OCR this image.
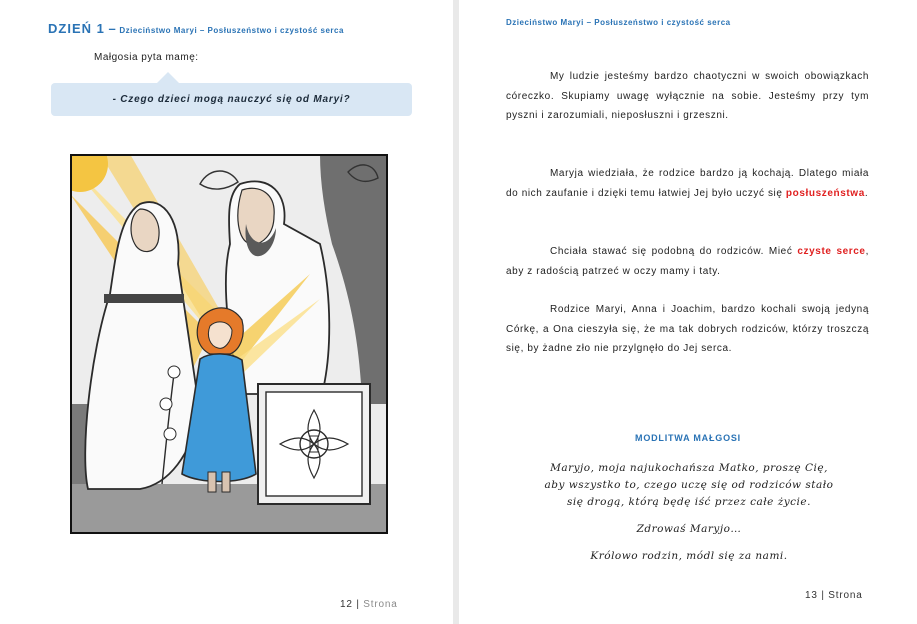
DZIEŃ 1 – Dzieciństwo Maryi – Posłuszeństwo i czystość serca
Małgosia pyta mamę:
- Czego dzieci mogą nauczyć się od Maryi?
12 | Strona
Dzieciństwo Maryi – Posłuszeństwo i czystość serca
My ludzie jesteśmy bardzo chaotyczni w swoich obowiązkach córeczko. Skupiamy uwagę wyłącznie na sobie. Jesteśmy przy tym pyszni i zarozumiali, nieposłuszni i grzeszni.
Maryja wiedziała, że rodzice bardzo ją kochają. Dlatego miała do nich zaufanie i dzięki temu łatwiej Jej było uczyć się posłuszeństwa.
Chciała stawać się podobną do rodziców. Mieć czyste serce, aby z radością patrzeć w oczy mamy i taty.
Rodzice Maryi, Anna i Joachim, bardzo kochali swoją jedyną Córkę, a Ona cieszyła się, że ma tak dobrych rodziców, którzy troszczą się, by żadne zło nie przylgnęło do Jej serca.
MODLITWA MAŁGOSI

Maryjo, moja najukochańsza Matko, proszę Cię,

aby wszystko to, czego uczę się od rodziców stało

się drogą, którą będę iść przez całe życie.

Zdrowaś Maryjo…

Królowo rodzin, módl się za nami.

13 | Strona
